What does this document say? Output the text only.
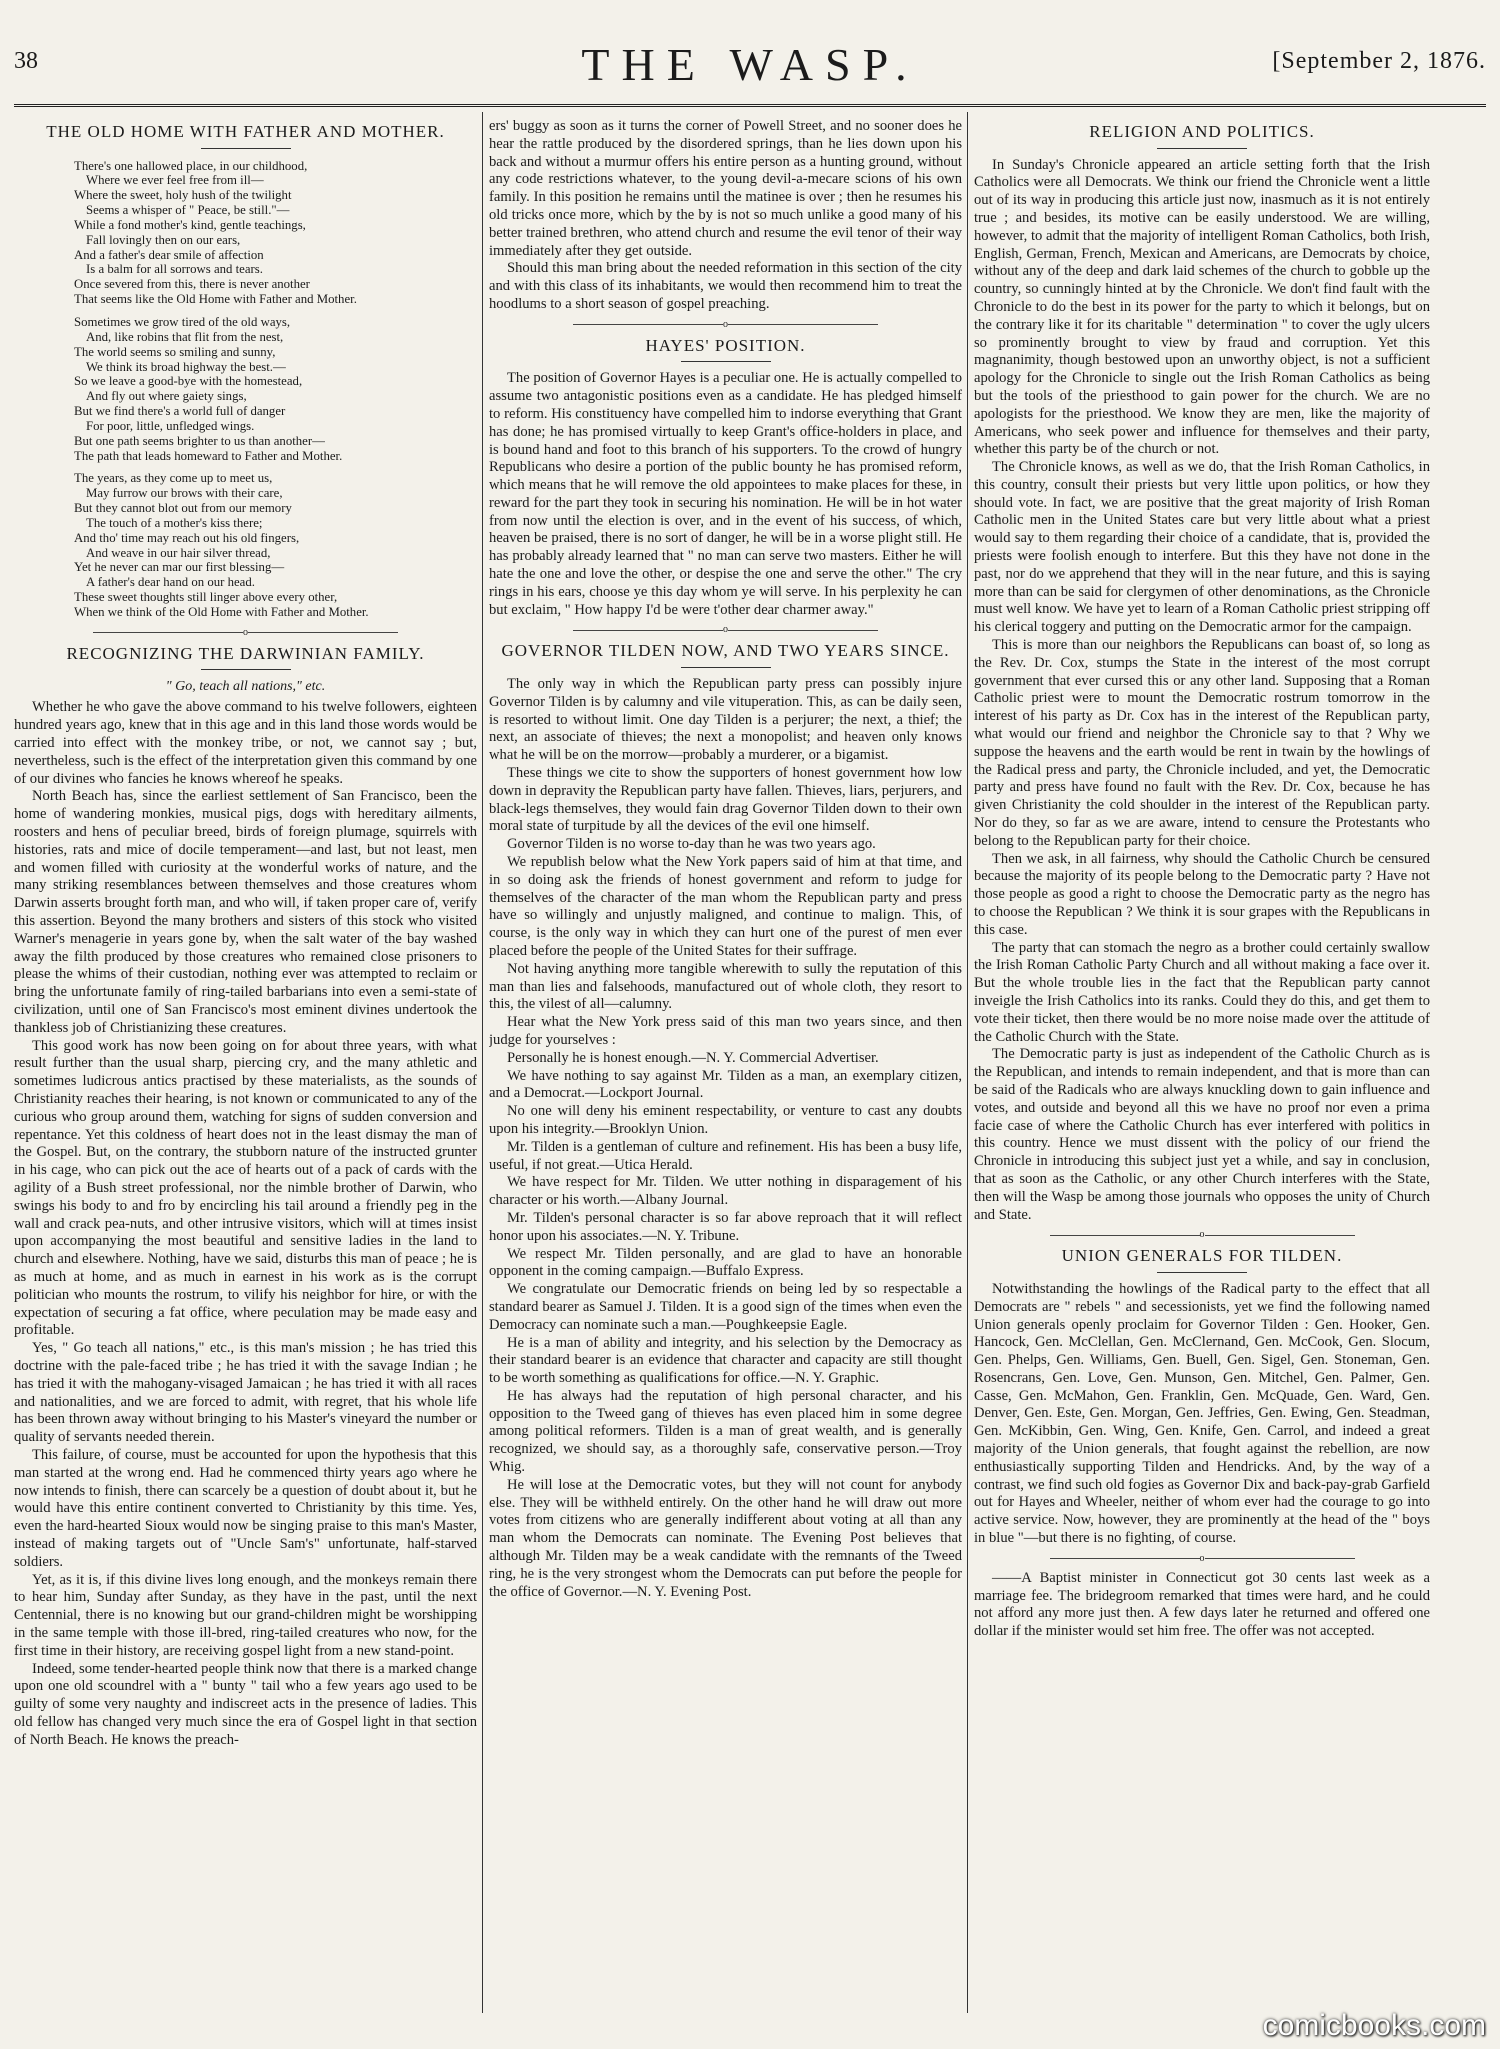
38	THE WASP.	[September 2, 1876.
THE OLD HOME WITH FATHER AND MOTHER.
There's one hallowed place, in our childhood,
Where we ever feel free from ill—
Where the sweet, holy hush of the twilight
Seems a whisper of " Peace, be still."—
While a fond mother's kind, gentle teachings,
Fall lovingly then on our ears,
And a father's dear smile of affection
Is a balm for all sorrows and tears.
Once severed from this, there is never another
That seems like the Old Home with Father and Mother.
Sometimes we grow tired of the old ways,
And, like robins that flit from the nest,
The world seems so smiling and sunny,
We think its broad highway the best.—
So we leave a good-bye with the homestead,
And fly out where gaiety sings,
But we find there's a world full of danger
For poor, little, unfledged wings.
But one path seems brighter to us than another—
The path that leads homeward to Father and Mother.
The years, as they come up to meet us,
May furrow our brows with their care,
But they cannot blot out from our memory
The touch of a mother's kiss there;
And tho' time may reach out his old fingers,
And weave in our hair silver thread,
Yet he never can mar our first blessing—
A father's dear hand on our head.
These sweet thoughts still linger above every other,
When we think of the Old Home with Father and Mother.
o
RECOGNIZING THE DARWINIAN FAMILY.
" Go, teach all nations," etc.

Whether he who gave the above command to his twelve followers, eighteen hundred years ago, knew that in this age and in this land those words would be carried into effect with the monkey tribe, or not, we cannot say ; but, nevertheless, such is the effect of the interpretation given this command by one of our divines who fancies he knows whereof he speaks.

North Beach has, since the earliest settlement of San Francisco, been the home of wandering monkies, musical pigs, dogs with hereditary ailments, roosters and hens of peculiar breed, birds of foreign plumage, squirrels with histories, rats and mice of docile temperament—and last, but not least, men and women filled with curiosity at the wonderful works of nature, and the many striking resemblances between themselves and those creatures whom Darwin asserts brought forth man, and who will, if taken proper care of, verify this assertion. Beyond the many brothers and sisters of this stock who visited Warner's menagerie in years gone by, when the salt water of the bay washed away the filth produced by those creatures who remained close prisoners to please the whims of their custodian, nothing ever was attempted to reclaim or bring the unfortunate family of ring-tailed barbarians into even a semi-state of civilization, until one of San Francisco's most eminent divines undertook the thankless job of Christianizing these creatures.

This good work has now been going on for about three years, with what result further than the usual sharp, piercing cry, and the many athletic and sometimes ludicrous antics practised by these materialists, as the sounds of Christianity reaches their hearing, is not known or communicated to any of the curious who group around them, watching for signs of sudden conversion and repentance. Yet this coldness of heart does not in the least dismay the man of the Gospel. But, on the contrary, the stubborn nature of the instructed grunter in his cage, who can pick out the ace of hearts out of a pack of cards with the agility of a Bush street professional, nor the nimble brother of Darwin, who swings his body to and fro by encircling his tail around a friendly peg in the wall and crack pea-nuts, and other intrusive visitors, which will at times insist upon accompanying the most beautiful and sensitive ladies in the land to church and elsewhere. Nothing, have we said, disturbs this man of peace ; he is as much at home, and as much in earnest in his work as is the corrupt politician who mounts the rostrum, to vilify his neighbor for hire, or with the expectation of securing a fat office, where peculation may be made easy and profitable.

Yes, " Go teach all nations," etc., is this man's mission ; he has tried this doctrine with the pale-faced tribe ; he has tried it with the savage Indian ; he has tried it with the mahogany-visaged Jamaican ; he has tried it with all races and nationalities, and we are forced to admit, with regret, that his whole life has been thrown away without bringing to his Master's vineyard the number or quality of servants needed therein.

This failure, of course, must be accounted for upon the hypothesis that this man started at the wrong end. Had he commenced thirty years ago where he now intends to finish, there can scarcely be a question of doubt about it, but he would have this entire continent converted to Christianity by this time. Yes, even the hard-hearted Sioux would now be singing praise to this man's Master, instead of making targets out of "Uncle Sam's" unfortunate, half-starved soldiers.

Yet, as it is, if this divine lives long enough, and the monkeys remain there to hear him, Sunday after Sunday, as they have in the past, until the next Centennial, there is no knowing but our grand-children might be worshipping in the same temple with those ill-bred, ring-tailed creatures who now, for the first time in their history, are receiving gospel light from a new stand-point.

Indeed, some tender-hearted people think now that there is a marked change upon one old scoundrel with a " bunty " tail who a few years ago used to be guilty of some very naughty and indiscreet acts in the presence of ladies. This old fellow has changed very much since the era of Gospel light in that section of North Beach. He knows the preach-

ers' buggy as soon as it turns the corner of Powell Street, and no sooner does he hear the rattle produced by the disordered springs, than he lies down upon his back and without a murmur offers his entire person as a hunting ground, without any code restrictions whatever, to the young devil-a-mecare scions of his own family. In this position he remains until the matinee is over ; then he resumes his old tricks once more, which by the by is not so much unlike a good many of his better trained brethren, who attend church and resume the evil tenor of their way immediately after they get outside.

Should this man bring about the needed reformation in this section of the city and with this class of its inhabitants, we would then recommend him to treat the hoodlums to a short season of gospel preaching.

o
HAYES' POSITION.

The position of Governor Hayes is a peculiar one. He is actually compelled to assume two antagonistic positions even as a candidate. He has pledged himself to reform. His constituency have compelled him to indorse everything that Grant has done; he has promised virtually to keep Grant's office-holders in place, and is bound hand and foot to this branch of his supporters. To the crowd of hungry Republicans who desire a portion of the public bounty he has promised reform, which means that he will remove the old appointees to make places for these, in reward for the part they took in securing his nomination. He will be in hot water from now until the election is over, and in the event of his success, of which, heaven be praised, there is no sort of danger, he will be in a worse plight still. He has probably already learned that " no man can serve two masters. Either he will hate the one and love the other, or despise the one and serve the other." The cry rings in his ears, choose ye this day whom ye will serve. In his perplexity he can but exclaim, " How happy I'd be were t'other dear charmer away."

o
GOVERNOR TILDEN NOW, AND TWO YEARS SINCE.

The only way in which the Republican party press can possibly injure Governor Tilden is by calumny and vile vituperation. This, as can be daily seen, is resorted to without limit. One day Tilden is a perjurer; the next, a thief; the next, an associate of thieves; the next a monopolist; and heaven only knows what he will be on the morrow—probably a murderer, or a bigamist.

These things we cite to show the supporters of honest government how low down in depravity the Republican party have fallen. Thieves, liars, perjurers, and black-legs themselves, they would fain drag Governor Tilden down to their own moral state of turpitude by all the devices of the evil one himself.

Governor Tilden is no worse to-day than he was two years ago.

We republish below what the New York papers said of him at that time, and in so doing ask the friends of honest government and reform to judge for themselves of the character of the man whom the Republican party and press have so willingly and unjustly maligned, and continue to malign. This, of course, is the only way in which they can hurt one of the purest of men ever placed before the people of the United States for their suffrage.

Not having anything more tangible wherewith to sully the reputation of this man than lies and falsehoods, manufactured out of whole cloth, they resort to this, the vilest of all—calumny.

Hear what the New York press said of this man two years since, and then judge for yourselves :

Personally he is honest enough.—N. Y. Commercial Advertiser.

We have nothing to say against Mr. Tilden as a man, an exemplary citizen, and a Democrat.—Lockport Journal.

No one will deny his eminent respectability, or venture to cast any doubts upon his integrity.—Brooklyn Union.

Mr. Tilden is a gentleman of culture and refinement. His has been a busy life, useful, if not great.—Utica Herald.

We have respect for Mr. Tilden. We utter nothing in disparagement of his character or his worth.—Albany Journal.

Mr. Tilden's personal character is so far above reproach that it will reflect honor upon his associates.—N. Y. Tribune.

We respect Mr. Tilden personally, and are glad to have an honorable opponent in the coming campaign.—Buffalo Express.

We congratulate our Democratic friends on being led by so respectable a standard bearer as Samuel J. Tilden. It is a good sign of the times when even the Democracy can nominate such a man.—Poughkeepsie Eagle.

He is a man of ability and integrity, and his selection by the Democracy as their standard bearer is an evidence that character and capacity are still thought to be worth something as qualifications for office.—N. Y. Graphic.

He has always had the reputation of high personal character, and his opposition to the Tweed gang of thieves has even placed him in some degree among political reformers. Tilden is a man of great wealth, and is generally recognized, we should say, as a thoroughly safe, conservative person.—Troy Whig.

He will lose at the Democratic votes, but they will not count for anybody else. They will be withheld entirely. On the other hand he will draw out more votes from citizens who are generally indifferent about voting at all than any man whom the Democrats can nominate. The Evening Post believes that although Mr. Tilden may be a weak candidate with the remnants of the Tweed ring, he is the very strongest whom the Democrats can put before the people for the office of Governor.—N. Y. Evening Post.

RELIGION AND POLITICS.

In Sunday's Chronicle appeared an article setting forth that the Irish Catholics were all Democrats. We think our friend the Chronicle went a little out of its way in producing this article just now, inasmuch as it is not entirely true ; and besides, its motive can be easily understood. We are willing, however, to admit that the majority of intelligent Roman Catholics, both Irish, English, German, French, Mexican and Americans, are Democrats by choice, without any of the deep and dark laid schemes of the church to gobble up the country, so cunningly hinted at by the Chronicle. We don't find fault with the Chronicle to do the best in its power for the party to which it belongs, but on the contrary like it for its charitable " determination " to cover the ugly ulcers so prominently brought to view by fraud and corruption. Yet this magnanimity, though bestowed upon an unworthy object, is not a sufficient apology for the Chronicle to single out the Irish Roman Catholics as being but the tools of the priesthood to gain power for the church. We are no apologists for the priesthood. We know they are men, like the majority of Americans, who seek power and influence for themselves and their party, whether this party be of the church or not.

The Chronicle knows, as well as we do, that the Irish Roman Catholics, in this country, consult their priests but very little upon politics, or how they should vote. In fact, we are positive that the great majority of Irish Roman Catholic men in the United States care but very little about what a priest would say to them regarding their choice of a candidate, that is, provided the priests were foolish enough to interfere. But this they have not done in the past, nor do we apprehend that they will in the near future, and this is saying more than can be said for clergymen of other denominations, as the Chronicle must well know. We have yet to learn of a Roman Catholic priest stripping off his clerical toggery and putting on the Democratic armor for the campaign.

This is more than our neighbors the Republicans can boast of, so long as the Rev. Dr. Cox, stumps the State in the interest of the most corrupt government that ever cursed this or any other land. Supposing that a Roman Catholic priest were to mount the Democratic rostrum tomorrow in the interest of his party as Dr. Cox has in the interest of the Republican party, what would our friend and neighbor the Chronicle say to that ? Why we suppose the heavens and the earth would be rent in twain by the howlings of the Radical press and party, the Chronicle included, and yet, the Democratic party and press have found no fault with the Rev. Dr. Cox, because he has given Christianity the cold shoulder in the interest of the Republican party. Nor do they, so far as we are aware, intend to censure the Protestants who belong to the Republican party for their choice.

Then we ask, in all fairness, why should the Catholic Church be censured because the majority of its people belong to the Democratic party ? Have not those people as good a right to choose the Democratic party as the negro has to choose the Republican ? We think it is sour grapes with the Republicans in this case.

The party that can stomach the negro as a brother could certainly swallow the Irish Roman Catholic Party Church and all without making a face over it. But the whole trouble lies in the fact that the Republican party cannot inveigle the Irish Catholics into its ranks. Could they do this, and get them to vote their ticket, then there would be no more noise made over the attitude of the Catholic Church with the State.

The Democratic party is just as independent of the Catholic Church as is the Republican, and intends to remain independent, and that is more than can be said of the Radicals who are always knuckling down to gain influence and votes, and outside and beyond all this we have no proof nor even a prima facie case of where the Catholic Church has ever interfered with politics in this country. Hence we must dissent with the policy of our friend the Chronicle in introducing this subject just yet a while, and say in conclusion, that as soon as the Catholic, or any other Church interferes with the State, then will the Wasp be among those journals who opposes the unity of Church and State.

o
UNION GENERALS FOR TILDEN.

Notwithstanding the howlings of the Radical party to the effect that all Democrats are " rebels " and secessionists, yet we find the following named Union generals openly proclaim for Governor Tilden : Gen. Hooker, Gen. Hancock, Gen. McClellan, Gen. McClernand, Gen. McCook, Gen. Slocum, Gen. Phelps, Gen. Williams, Gen. Buell, Gen. Sigel, Gen. Stoneman, Gen. Rosencrans, Gen. Love, Gen. Munson, Gen. Mitchel, Gen. Palmer, Gen. Casse, Gen. McMahon, Gen. Franklin, Gen. McQuade, Gen. Ward, Gen. Denver, Gen. Este, Gen. Morgan, Gen. Jeffries, Gen. Ewing, Gen. Steadman, Gen. McKibbin, Gen. Wing, Gen. Knife, Gen. Carrol, and indeed a great majority of the Union generals, that fought against the rebellion, are now enthusiastically supporting Tilden and Hendricks. And, by the way of a contrast, we find such old fogies as Governor Dix and back-pay-grab Garfield out for Hayes and Wheeler, neither of whom ever had the courage to go into active service. Now, however, they are prominently at the head of the " boys in blue "—but there is no fighting, of course.

o

——A Baptist minister in Connecticut got 30 cents last week as a marriage fee. The bridegroom remarked that times were hard, and he could not afford any more just then. A few days later he returned and offered one dollar if the minister would set him free. The offer was not accepted.

comicbooks.com
